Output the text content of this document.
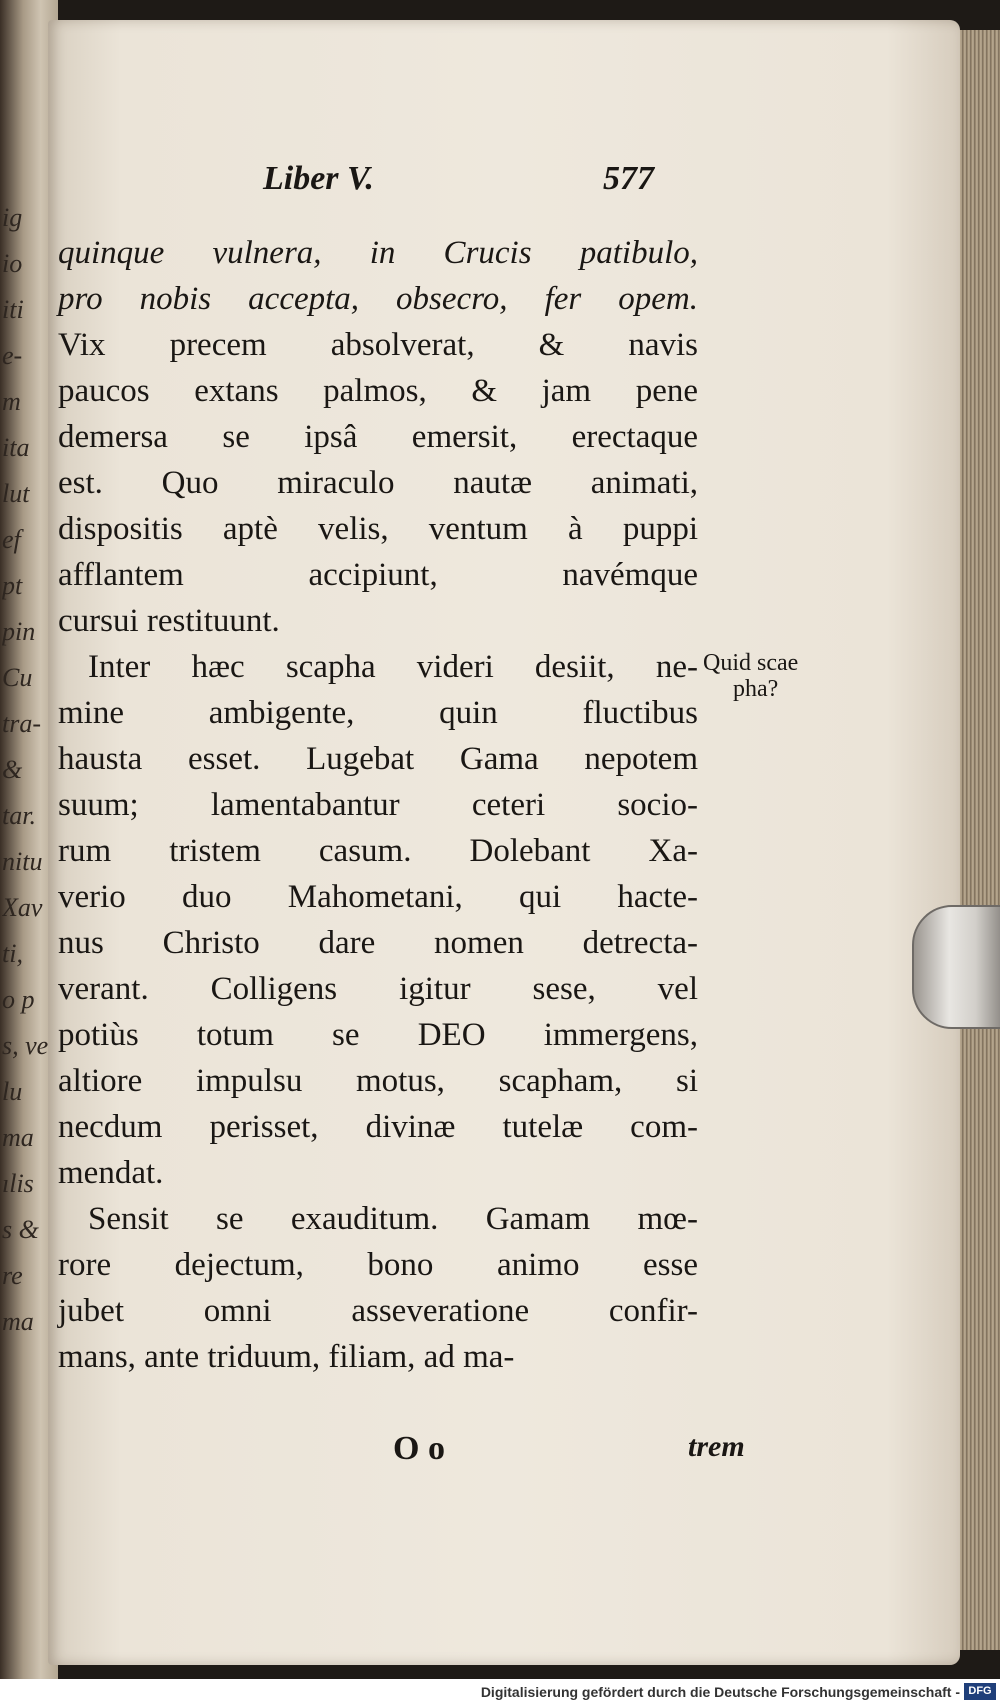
ig
io
iti
e-
m
ita
lut
ef
pt
pin
Cu
tra-
&
tar.
nitu
Xav
ti,
o p
s, ve
lu
ma
ılis
s &
re
ma
Liber V.	577
quinque vulnera, in Crucis patibulo,
pro nobis accepta, obsecro, fer opem.
Vix precem absolverat, & navis
paucos extans palmos, & jam pene
demersa se ipsâ emersit, erectaque
est. Quo miraculo nautæ animati,
dispositis aptè velis, ventum à puppi
afflantem accipiunt, navémque
cursui restituunt.
Inter hæc scapha videri desiit, ne-
mine ambigente, quin fluctibus
hausta esset. Lugebat Gama nepotem
suum; lamentabantur ceteri socio-
rum tristem casum. Dolebant Xa-
verio duo Mahometani, qui hacte-
nus Christo dare nomen detrecta-
verant. Colligens igitur sese, vel
potiùs totum se DEO immergens,
altiore impulsu motus, scapham, si
necdum perisset, divinæ tutelæ com-
mendat.
Sensit se exauditum. Gamam mœ-
rore dejectum, bono animo esse
jubet omni asseveratione confir-
mans, ante triduum, filiam, ad ma-
Quid scae
pha?
O o	trem
Digitalisierung gefördert durch die Deutsche Forschungsgemeinschaft - DFG
